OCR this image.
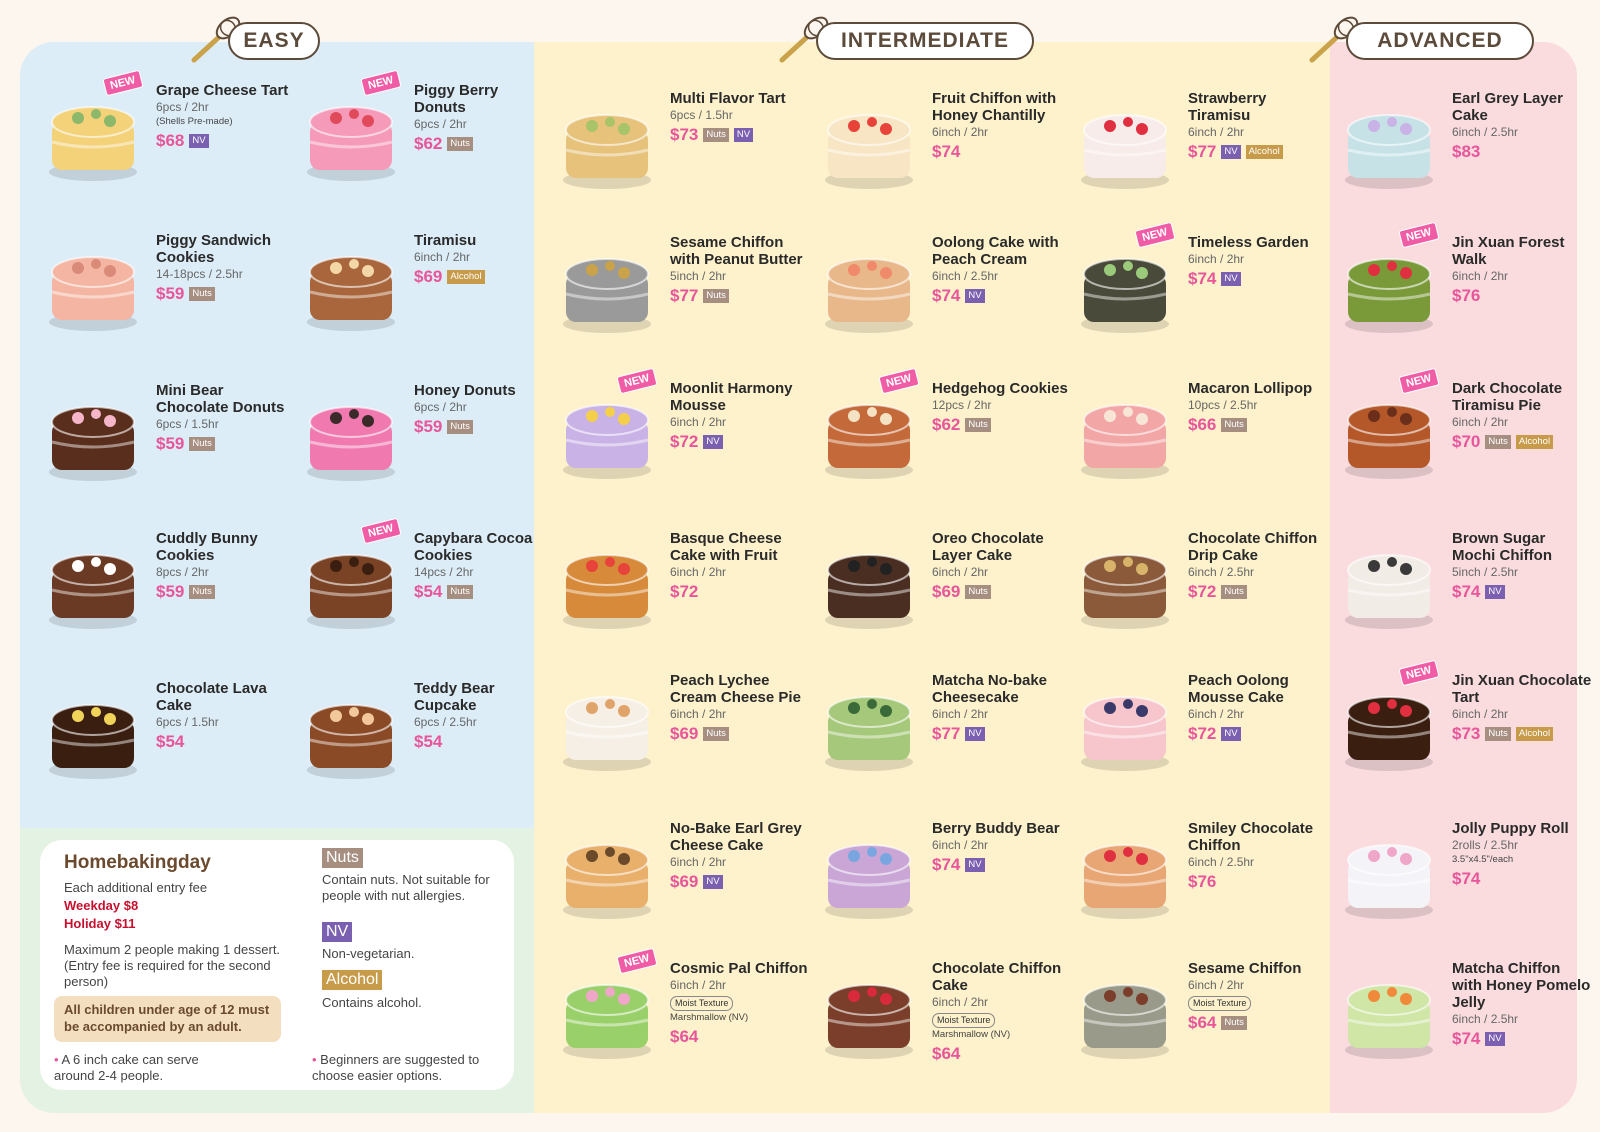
EASY	INTERMEDIATE	ADVANCED
NEW	Grape Cheese Tart
6pcs / 2hr
(Shells Pre-made)
$68 NV
NEW	Piggy Berry Donuts
6pcs / 2hr
$62 Nuts
Piggy Sandwich Cookies
14-18pcs / 2.5hr
$59 Nuts
Tiramisu
6inch / 2hr
$69 Alcohol
Mini Bear Chocolate Donuts
6pcs / 1.5hr
$59 Nuts
Honey Donuts
6pcs / 2hr
$59 Nuts
Cuddly Bunny Cookies
8pcs / 2hr
$59 Nuts
NEW	Capybara Cocoa Cookies
14pcs / 2hr
$54 Nuts
Chocolate Lava Cake
6pcs / 1.5hr
$54
Teddy Bear Cupcake
6pcs / 2.5hr
$54
Multi Flavor Tart
6pcs / 1.5hr
$73 Nuts	NV
Fruit Chiffon with Honey Chantilly
6inch / 2hr
$74
Strawberry Tiramisu
6inch / 2hr
$77 NV	Alcohol
Sesame Chiffon with Peanut Butter
5inch / 2hr
$77 Nuts
Oolong Cake with Peach Cream
6inch / 2.5hr
$74 NV
NEW	Timeless Garden
6inch / 2hr
$74 NV
NEW	Moonlit Harmony Mousse
6inch / 2hr
$72 NV
NEW	Hedgehog Cookies
12pcs / 2hr
$62 Nuts
Macaron Lollipop
10pcs / 2.5hr
$66 Nuts
Basque Cheese Cake with Fruit
6inch / 2hr
$72
Oreo Chocolate Layer Cake
6inch / 2hr
$69 Nuts
Chocolate Chiffon Drip Cake
6inch / 2.5hr
$72 Nuts
Peach Lychee Cream Cheese Pie
6inch / 2hr
$69 Nuts
Matcha No-bake Cheesecake
6inch / 2hr
$77 NV
Peach Oolong Mousse Cake
6inch / 2hr
$72 NV
No-Bake Earl Grey Cheese Cake
6inch / 2hr
$69 NV
Berry Buddy Bear
6inch / 2hr
$74 NV
Smiley Chocolate Chiffon
6inch / 2.5hr
$76
NEW	Cosmic Pal Chiffon
6inch / 2hr
Moist Texture
Marshmallow (NV)
$64
Chocolate Chiffon Cake
6inch / 2hr
Moist Texture
Marshmallow (NV)
$64
Sesame Chiffon
6inch / 2hr
Moist Texture
$64 Nuts
Earl Grey Layer Cake
6inch / 2.5hr
$83
NEW	Jin Xuan Forest Walk
6inch / 2hr
$76
NEW	Dark Chocolate Tiramisu Pie
6inch / 2hr
$70 Nuts	Alcohol
Brown Sugar Mochi Chiffon
5inch / 2.5hr
$74 NV
NEW	Jin Xuan Chocolate Tart
6inch / 2hr
$73 Nuts	Alcohol
Jolly Puppy Roll
2rolls / 2.5hr
3.5"x4.5"/each
$74
Matcha Chiffon with Honey Pomelo Jelly
6inch / 2.5hr
$74 NV
Homebakingday
Each additional entry fee
Weekday $8
Holiday $11
Maximum 2 people making 1 dessert. (Entry fee is required for the second person)
All children under age of 12 must be accompanied by an adult.
• A 6 inch cake can serve around 2-4 people.
Nuts
Contain nuts. Not suitable for people with nut allergies.
NV
Non-vegetarian.
Alcohol
Contains alcohol.
• Beginners are suggested to choose easier options.
